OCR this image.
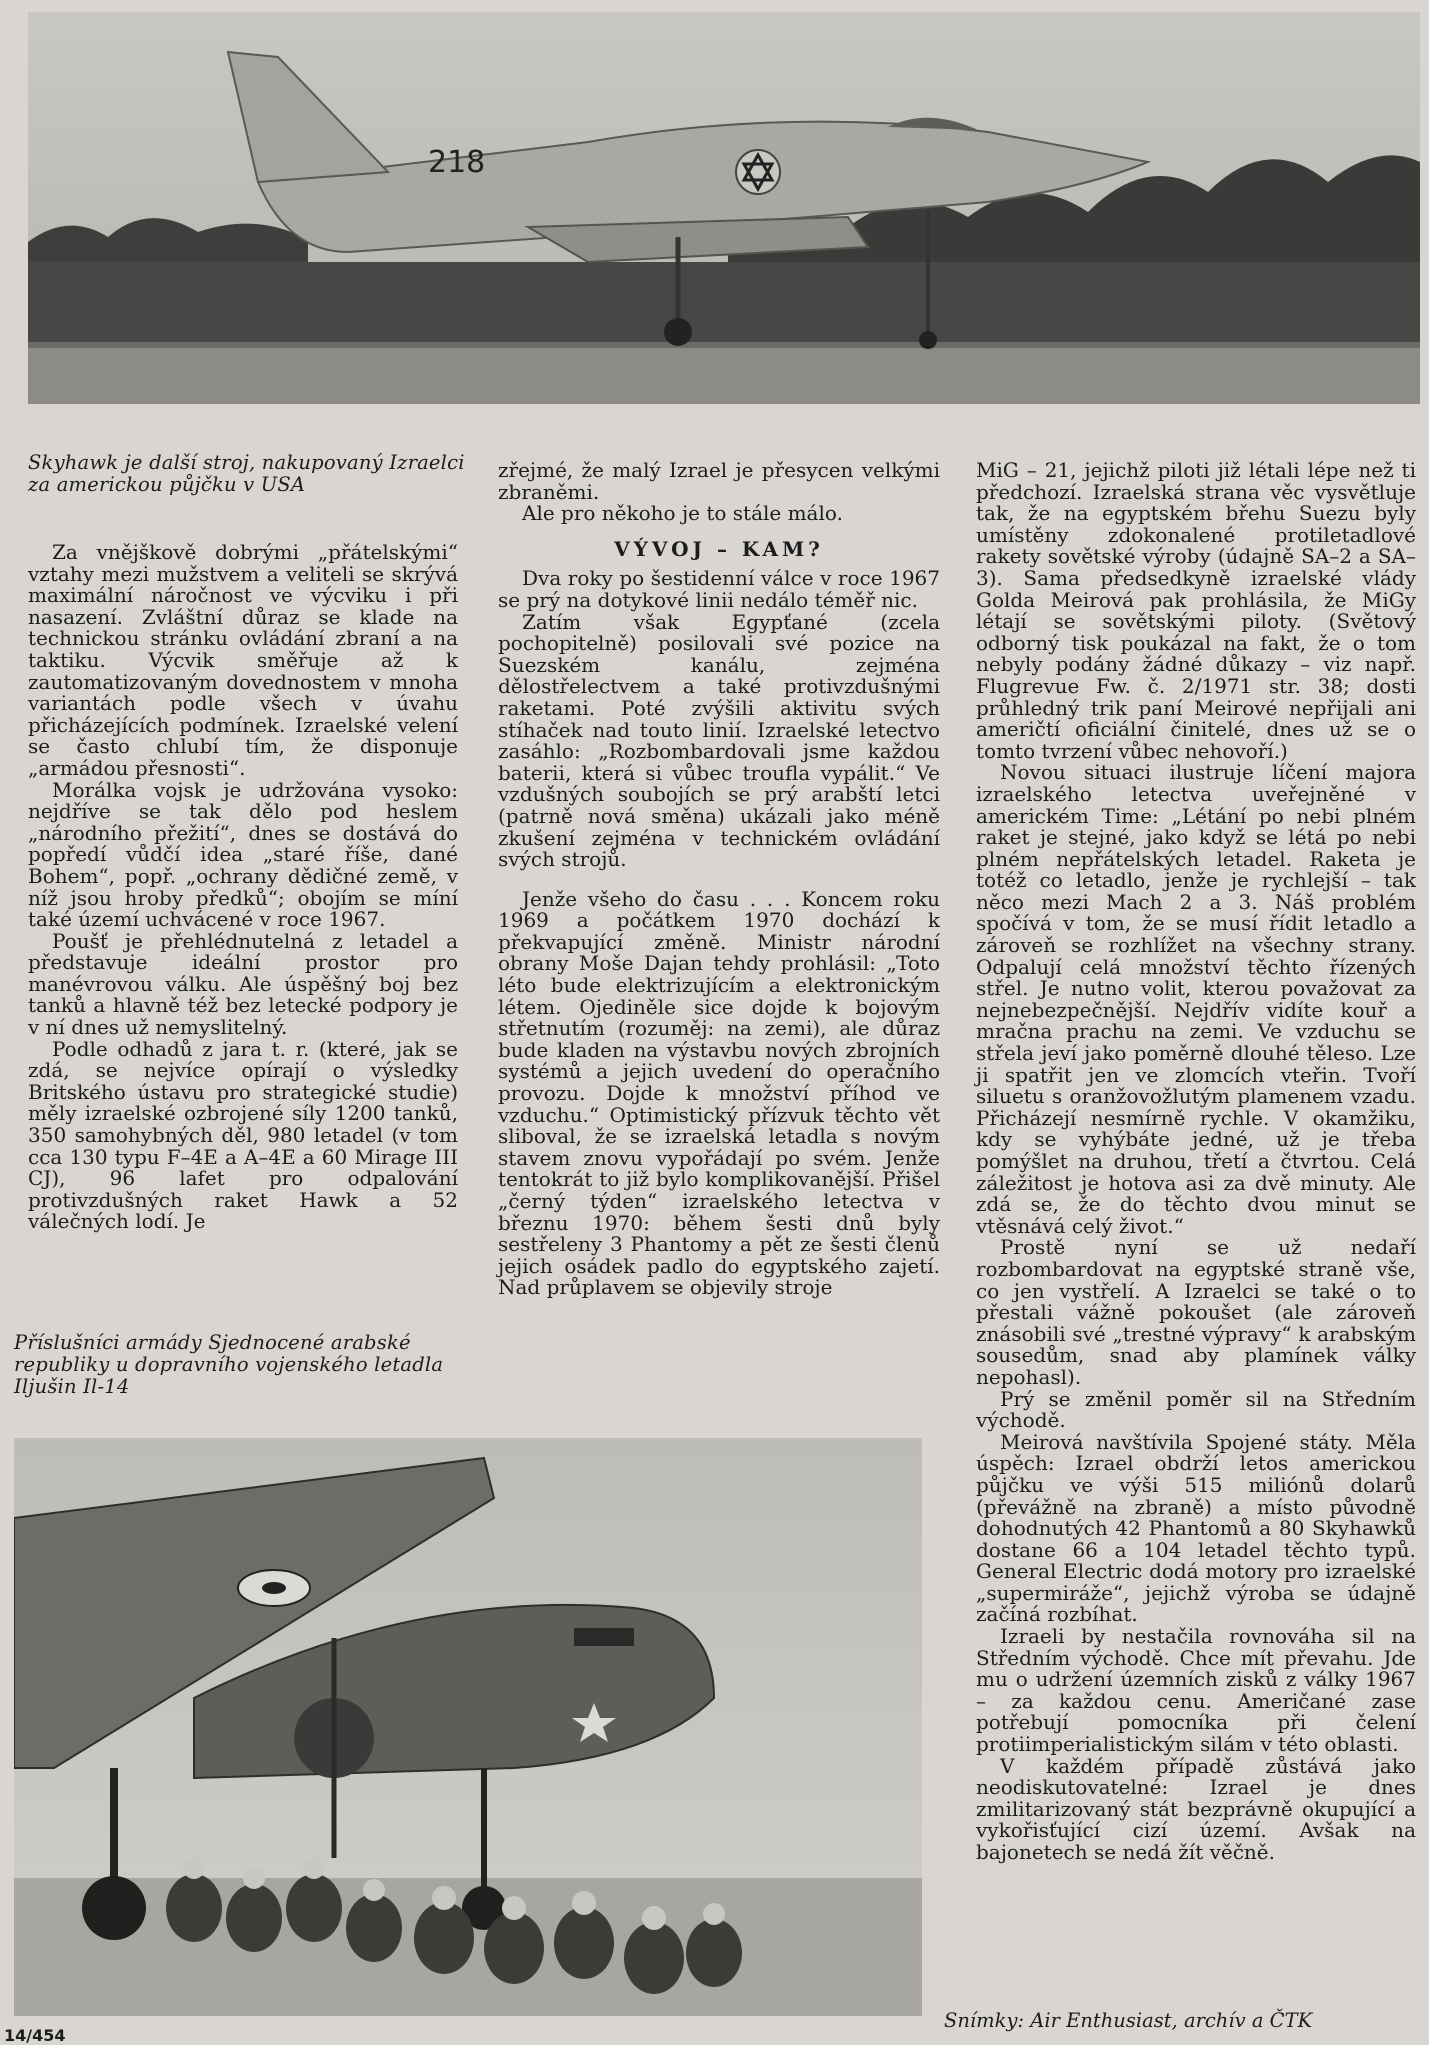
218
Skyhawk je další stroj, nakupovaný Izraelci za americkou půjčku v USA
Příslušníci armády Sjednocené arabské republiky u dopravního vojenského letadla Iljušin Il-14

Za vnějškově dobrými „přátelskými“ vztahy mezi mužstvem a veliteli se skrývá maximální náročnost ve výcviku i při nasazení. Zvláštní důraz se klade na technickou stránku ovládání zbraní a na taktiku. Výcvik směřuje až k zautomatizovaným dovednostem v mnoha variantách podle všech v úvahu přicházejících podmínek. Izraelské velení se často chlubí tím, že disponuje „armádou přesnosti“.

Morálka vojsk je udržována vysoko: nejdříve se tak dělo pod heslem „národního přežití“, dnes se dostává do popředí vůdčí idea „staré říše, dané Bohem“, popř. „ochrany dědičné země, v níž jsou hroby předků“; obojím se míní také území uchvácené v roce 1967.

Poušť je přehlédnutelná z letadel a představuje ideální prostor pro manévrovou válku. Ale úspěšný boj bez tanků a hlavně též bez letecké podpory je v ní dnes už nemyslitelný.

Podle odhadů z jara t. r. (které, jak se zdá, se nejvíce opírají o výsledky Britského ústavu pro strategické studie) měly izraelské ozbrojené síly 1200 tanků, 350 samohybných děl, 980 letadel (v tom cca 130 typu F–4E a A–4E a 60 Mirage III CJ), 96 lafet pro odpalování protivzdušných raket Hawk a 52 válečných lodí. Je

zřejmé, že malý Izrael je přesycen velkými zbraněmi.

Ale pro někoho je to stále málo.

VÝVOJ – KAM?

Dva roky po šestidenní válce v roce 1967 se prý na dotykové linii nedálo téměř nic.

Zatím však Egypťané (zcela pochopitelně) posilovali své pozice na Suezském kanálu, zejména dělostřelectvem a také protivzdušnými raketami. Poté zvýšili aktivitu svých stíhaček nad touto linií. Izraelské letectvo zasáhlo: „Rozbombardovali jsme každou baterii, která si vůbec troufla vypálit.“ Ve vzdušných soubojích se prý arabští letci (patrně nová směna) ukázali jako méně zkušení zejména v technickém ovládání svých strojů.

Jenže všeho do času . . . Koncem roku 1969 a počátkem 1970 dochází k překvapující změně. Ministr národní obrany Moše Dajan tehdy prohlásil: „Toto léto bude elektrizujícím a elektronickým létem. Ojediněle sice dojde k bojovým střetnutím (rozuměj: na zemi), ale důraz bude kladen na výstavbu nových zbrojních systémů a jejich uvedení do operačního provozu. Dojde k množství příhod ve vzduchu.“ Optimistický přízvuk těchto vět sliboval, že se izraelská letadla s novým stavem znovu vypořádají po svém. Jenže tentokrát to již bylo komplikovanější. Přišel „černý týden“ izraelského letectva v březnu 1970: během šesti dnů byly sestřeleny 3 Phantomy a pět ze šesti členů jejich osádek padlo do egyptského zajetí. Nad průplavem se objevily stroje

MiG – 21, jejichž piloti již létali lépe než ti předchozí. Izraelská strana věc vysvětluje tak, že na egyptském břehu Suezu byly umístěny zdokonalené protiletadlové rakety sovětské výroby (údajně SA–2 a SA–3). Sama předsedkyně izraelské vlády Golda Meirová pak prohlásila, že MiGy létají se sovětskými piloty. (Světový odborný tisk poukázal na fakt, že o tom nebyly podány žádné důkazy – viz např. Flugrevue Fw. č. 2/1971 str. 38; dosti průhledný trik paní Meirové nepřijali ani američtí oficiální činitelé, dnes už se o tomto tvrzení vůbec nehovoří.)

Novou situaci ilustruje líčení majora izraelského letectva uveřejněné v americkém Time: „Létání po nebi plném raket je stejné, jako když se létá po nebi plném nepřátelských letadel. Raketa je totéž co letadlo, jenže je rychlejší – tak něco mezi Mach 2 a 3. Náš problém spočívá v tom, že se musí řídit letadlo a zároveň se rozhlížet na všechny strany. Odpalují celá množství těchto řízených střel. Je nutno volit, kterou považovat za nejnebezpečnější. Nejdřív vidíte kouř a mračna prachu na zemi. Ve vzduchu se střela jeví jako poměrně dlouhé těleso. Lze ji spatřit jen ve zlomcích vteřin. Tvoří siluetu s oranžovožlutým plamenem vzadu. Přicházejí nesmírně rychle. V okamžiku, kdy se vyhýbáte jedné, už je třeba pomýšlet na druhou, třetí a čtvrtou. Celá záležitost je hotova asi za dvě minuty. Ale zdá se, že do těchto dvou minut se vtěsnává celý život.“

Prostě nyní se už nedaří rozbombardovat na egyptské straně vše, co jen vystřelí. A Izraelci se také o to přestali vážně pokoušet (ale zároveň znásobili své „trestné výpravy“ k arabským sousedům, snad aby plamínek války nepohasl).

Prý se změnil poměr sil na Středním východě.

Meirová navštívila Spojené státy. Měla úspěch: Izrael obdrží letos americkou půjčku ve výši 515 miliónů dolarů (převážně na zbraně) a místo původně dohodnutých 42 Phantomů a 80 Skyhawků dostane 66 a 104 letadel těchto typů. General Electric dodá motory pro izraelské „supermiráže“, jejichž výroba se údajně začíná rozbíhat.

Izraeli by nestačila rovnováha sil na Středním východě. Chce mít převahu. Jde mu o udržení územních zisků z války 1967 – za každou cenu. Američané zase potřebují pomocníka při čelení protiimperialistickým silám v této oblasti.

V každém případě zůstává jako neodiskutovatelné: Izrael je dnes zmilitarizovaný stát bezprávně okupující a vykořisťující cizí území. Avšak na bajonetech se nedá žít věčně.

Snímky: Air Enthusiast, archív a ČTK
14/454
